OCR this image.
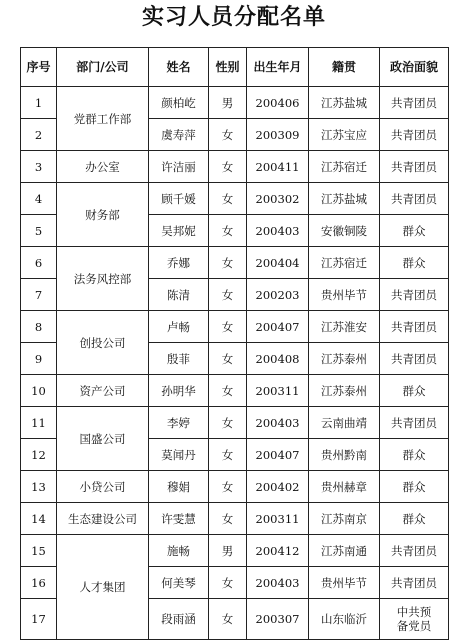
实习人员分配名单
序号	部门/公司	姓名	性别	出生年月	籍贯	政治面貌
1	党群工作部	颜柏屹	男	200406	江苏盐城	共青团员
2		虞寿萍	女	200309	江苏宝应	共青团员
3	办公室	许洁丽	女	200411	江苏宿迁	共青团员
4	财务部	顾千媛	女	200302	江苏盐城	共青团员
5		吴邦妮	女	200403	安徽铜陵	群众
6	法务风控部	乔娜	女	200404	江苏宿迁	群众
7		陈清	女	200203	贵州毕节	共青团员
8	创投公司	卢畅	女	200407	江苏淮安	共青团员
9		殷菲	女	200408	江苏泰州	共青团员
10	资产公司	孙明华	女	200311	江苏泰州	群众
11	国盛公司	李婷	女	200403	云南曲靖	共青团员
12		莫闻丹	女	200407	贵州黔南	群众
13	小贷公司	穆娟	女	200402	贵州赫章	群众
14	生态建设公司	许雯慧	女	200311	江苏南京	群众
15	人才集团	施畅	男	200412	江苏南通	共青团员
16		何美琴	女	200403	贵州毕节	共青团员
17		段雨涵	女	200307	山东临沂	中共预备党员
